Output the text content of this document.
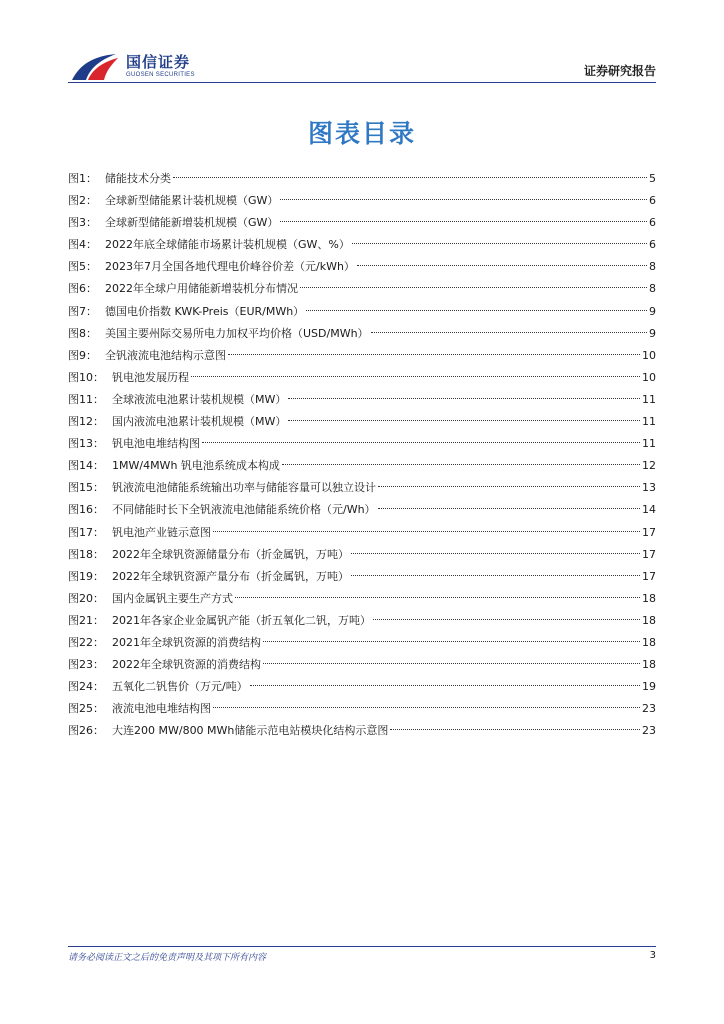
国信证券
GUOSEN SECURITIES	证券研究报告
图表目录
图1： 储能技术分类	5
图2： 全球新型储能累计装机规模（GW）	6
图3： 全球新型储能新增装机规模（GW）	6
图4： 2022年底全球储能市场累计装机规模（GW、%）	6
图5： 2023年7月全国各地代理电价峰谷价差（元/kWh）	8
图6： 2022年全球户用储能新增装机分布情况	8
图7： 德国电价指数 KWK-Preis（EUR/MWh）	9
图8： 美国主要州际交易所电力加权平均价格（USD/MWh）	9
图9： 全钒液流电池结构示意图	10
图10： 钒电池发展历程	10
图11： 全球液流电池累计装机规模（MW）	11
图12： 国内液流电池累计装机规模（MW）	11
图13： 钒电池电堆结构图	11
图14： 1MW/4MWh 钒电池系统成本构成	12
图15： 钒液流电池储能系统输出功率与储能容量可以独立设计	13
图16： 不同储能时长下全钒液流电池储能系统价格（元/Wh）	14
图17： 钒电池产业链示意图	17
图18： 2022年全球钒资源储量分布（折金属钒，万吨）	17
图19： 2022年全球钒资源产量分布（折金属钒，万吨）	17
图20： 国内金属钒主要生产方式	18
图21： 2021年各家企业金属钒产能（折五氧化二钒，万吨）	18
图22： 2021年全球钒资源的消费结构	18
图23： 2022年全球钒资源的消费结构	18
图24： 五氧化二钒售价（万元/吨）	19
图25： 液流电池电堆结构图	23
图26： 大连200 MW/800 MWh储能示范电站模块化结构示意图	23
请务必阅读正文之后的免责声明及其项下所有内容	3
